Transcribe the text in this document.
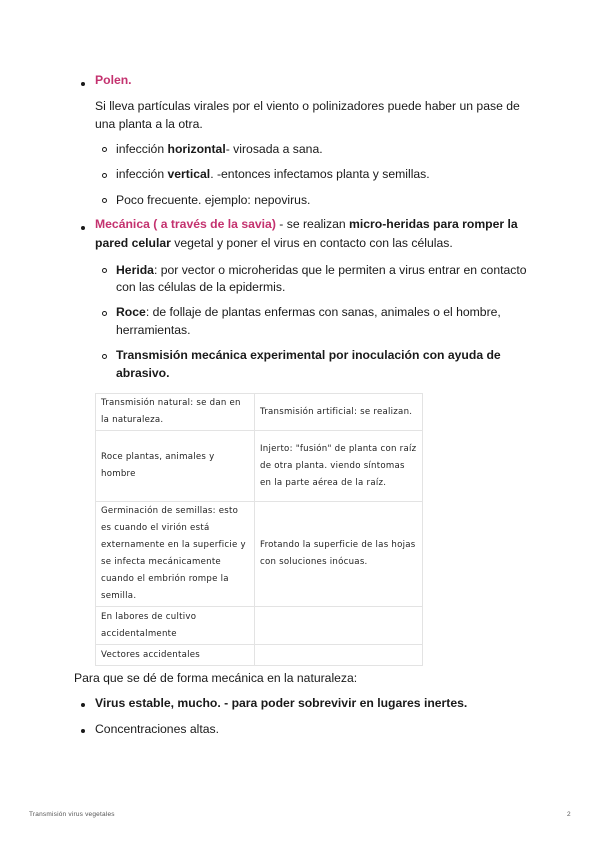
Polen.
Si lleva partículas virales por el viento o polinizadores puede haber un pase de
una planta a la otra.
infección horizontal- virosada a sana.
infección vertical. -entonces infectamos planta y semillas.
Poco frecuente. ejemplo: nepovirus.
Mecánica ( a través de la savia) - se realizan micro-heridas para romper la
pared celular vegetal y poner el virus en contacto con las células.
Herida: por vector o microheridas que le permiten a virus entrar en contacto
con las células de la epidermis.
Roce: de follaje de plantas enfermas con sanas, animales o el hombre,
herramientas.
Transmisión mecánica experimental por inoculación con ayuda de
abrasivo.
Transmisión natural: se dan en la naturaleza.	Transmisión artificial: se realizan.
Roce plantas, animales y hombre	Injerto: "fusión" de planta con raíz de otra planta. viendo síntomas en la parte aérea de la raíz.
Germinación de semillas: esto es cuando el virión está externamente en la superficie y se infecta mecánicamente cuando el embrión rompe la semilla.	Frotando la superficie de las hojas con soluciones inócuas.
En labores de cultivo accidentalmente	
Vectores accidentales	
Para que se dé de forma mecánica en la naturaleza:
Virus estable, mucho. - para poder sobrevivir en lugares inertes.
Concentraciones altas.
Transmisión virus vegetales	2
